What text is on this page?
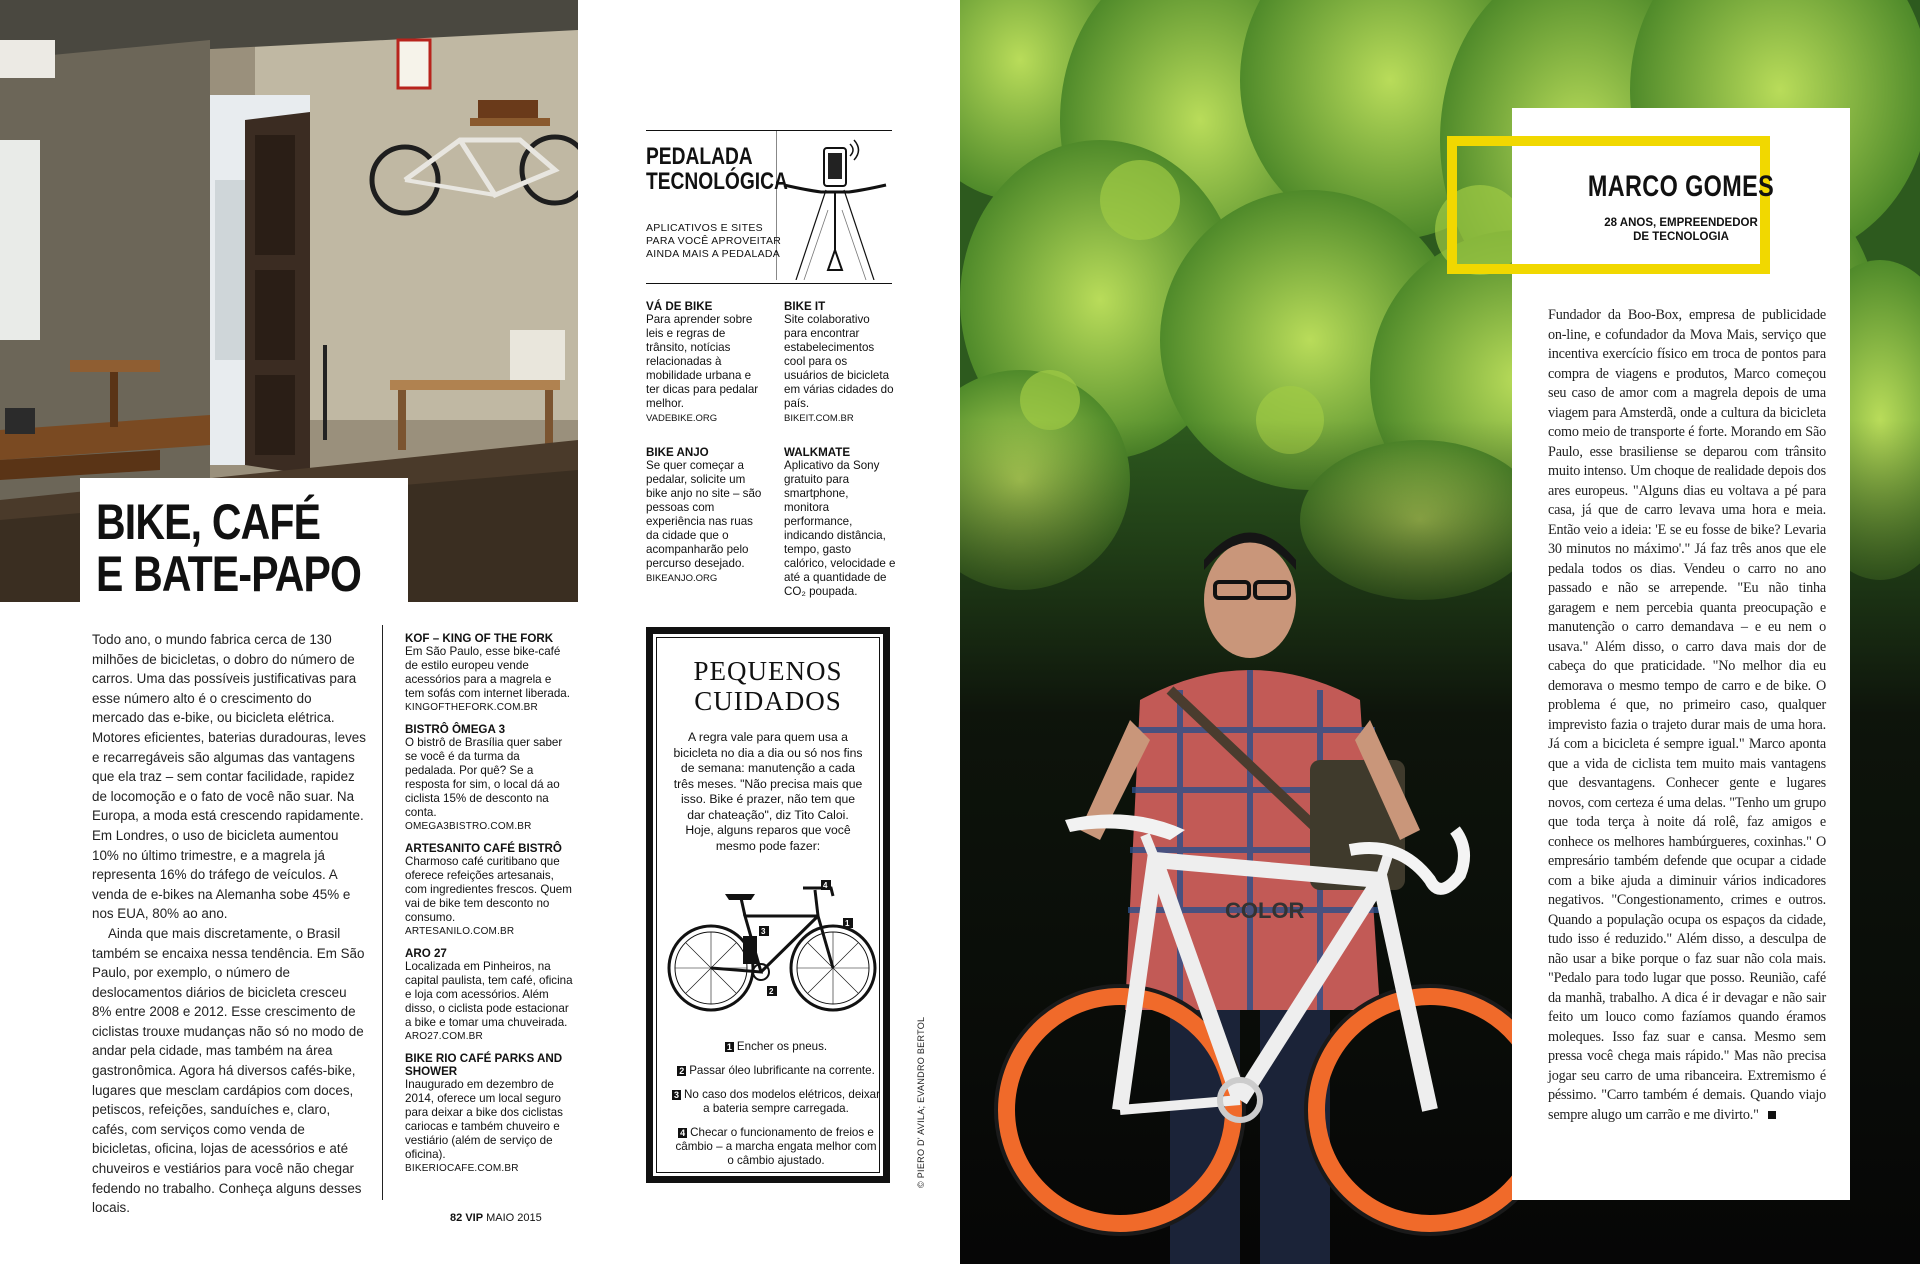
BIKE, CAFÉ
E BATE-PAPO

Todo ano, o mundo fabrica cerca de 130 milhões de bicicletas, o dobro do número de carros. Uma das possíveis justificativas para esse número alto é o crescimento do mercado das e-bike, ou bicicleta elétrica. Motores eficientes, baterias duradouras, leves e recarregáveis são algumas das vantagens que ela traz – sem contar facilidade, rapidez de locomoção e o fato de você não suar. Na Europa, a moda está crescendo rapidamente. Em Londres, o uso de bicicleta aumentou 10% no último trimestre, e a magrela já representa 16% do tráfego de veículos. A venda de e-bikes na Alemanha sobe 45% e nos EUA, 80% ao ano.

Ainda que mais discretamente, o Brasil também se encaixa nessa tendência. Em São Paulo, por exemplo, o número de deslocamentos diários de bicicleta cresceu 8% entre 2008 e 2012. Esse crescimento de ciclistas trouxe mudanças não só no modo de andar pela cidade, mas também na área gastronômica. Agora há diversos cafés-bike, lugares que mesclam cardápios com doces, petiscos, refeições, sanduíches e, claro, cafés, com serviços como venda de bicicletas, oficina, lojas de acessórios e até chuveiros e vestiários para você não chegar fedendo no trabalho. Conheça alguns desses locais.

KOF – KING OF THE FORK

Em São Paulo, esse bike-café de estilo europeu vende acessórios para a magrela e tem sofás com internet liberada.

KINGOFTHEFORK.COM.BR
BISTRÔ ÔMEGA 3

O bistrô de Brasília quer saber se você é da turma da pedalada. Por quê? Se a resposta for sim, o local dá ao ciclista 15% de desconto na conta.

OMEGA3BISTRO.COM.BR
ARTESANITO CAFÉ BISTRÔ

Charmoso café curitibano que oferece refeições artesanais, com ingredientes frescos. Quem vai de bike tem desconto no consumo.

ARTESANILO.COM.BR
ARO 27

Localizada em Pinheiros, na capital paulista, tem café, oficina e loja com acessórios. Além disso, o ciclista pode estacionar a bike e tomar uma chuveirada.

ARO27.COM.BR
BIKE RIO CAFÉ PARKS AND SHOWER

Inaugurado em dezembro de 2014, oferece um local seguro para deixar a bike dos ciclistas cariocas e também chuveiro e vestiário (além de serviço de oficina).

BIKERIOCAFE.COM.BR
PEDALADA
TECNOLÓGICA
APLICATIVOS E SITES
PARA VOCÊ APROVEITAR
AINDA MAIS A PEDALADA
VÁ DE BIKE

Para aprender sobre leis e regras de trânsito, notícias relacionadas à mobilidade urbana e ter dicas para pedalar melhor.

VADEBIKE.ORG
BIKE IT

Site colaborativo para encontrar estabelecimentos cool para os usuários de bicicleta em várias cidades do país.

BIKEIT.COM.BR
BIKE ANJO

Se quer começar a pedalar, solicite um bike anjo no site – são pessoas com experiência nas ruas da cidade que o acompanharão pelo percurso desejado.

BIKEANJO.ORG
WALKMATE

Aplicativo da Sony gratuito para smartphone, monitora performance, indicando distância, tempo, gasto calórico, velocidade e até a quantidade de CO₂ poupada.

PEQUENOS
CUIDADOS

A regra vale para quem usa a bicicleta no dia a dia ou só nos fins de semana: manutenção a cada três meses. "Não precisa mais que isso. Bike é prazer, não tem que dar chateação", diz Tito Caloi. Hoje, alguns reparos que você mesmo pode fazer:

4
3
1
2
1 Encher os pneus.
2 Passar óleo lubrificante na corrente.
3 No caso dos modelos elétricos, deixar a bateria sempre carregada.
4 Checar o funcionamento de freios e câmbio – a marcha engata melhor com o câmbio ajustado.	© PIERO D' AVILA; EVANDRO BERTOL
82 VIP MAIO 2015
COLOR
MARCO GOMES
28 ANOS, EMPREENDEDOR
DE TECNOLOGIA
Fundador da Boo-Box, empresa de publicidade on-line, e cofundador da Mova Mais, serviço que incentiva exercício físico em troca de pontos para compra de viagens e produtos, Marco começou seu caso de amor com a magrela depois de uma viagem para Amsterdã, onde a cultura da bicicleta como meio de transporte é forte. Morando em São Paulo, esse brasiliense se deparou com trânsito muito intenso. Um choque de realidade depois dos ares europeus. "Alguns dias eu voltava a pé para casa, já que de carro levava uma hora e meia. Então veio a ideia: 'E se eu fosse de bike? Levaria 30 minutos no máximo'." Já faz três anos que ele pedala todos os dias. Vendeu o carro no ano passado e não se arrepende. "Eu não tinha garagem e nem percebia quanta preocupação e manutenção o carro demandava – e eu nem o usava." Além disso, o carro dava mais dor de cabeça do que praticidade. "No melhor dia eu demorava o mesmo tempo de carro e de bike. O problema é que, no primeiro caso, qualquer imprevisto fazia o trajeto durar mais de uma hora. Já com a bicicleta é sempre igual." Marco aponta que a vida de ciclista tem muito mais vantagens que desvantagens. Conhecer gente e lugares novos, com certeza é uma delas. "Tenho um grupo que toda terça à noite dá rolê, faz amigos e conhece os melhores hambúrgueres, coxinhas." O empresário também defende que ocupar a cidade com a bike ajuda a diminuir vários indicadores negativos. "Congestionamento, crimes e outros. Quando a população ocupa os espaços da cidade, tudo isso é reduzido." Além disso, a desculpa de não usar a bike porque o faz suar não cola mais. "Pedalo para todo lugar que posso. Reunião, café da manhã, trabalho. A dica é ir devagar e não sair feito um louco como fazíamos quando éramos moleques. Isso faz suar e cansa. Mesmo sem pressa você chega mais rápido." Mas não precisa jogar seu carro de uma ribanceira. Extremismo é péssimo. "Carro também é demais. Quando viajo sempre alugo um carrão e me divirto."
